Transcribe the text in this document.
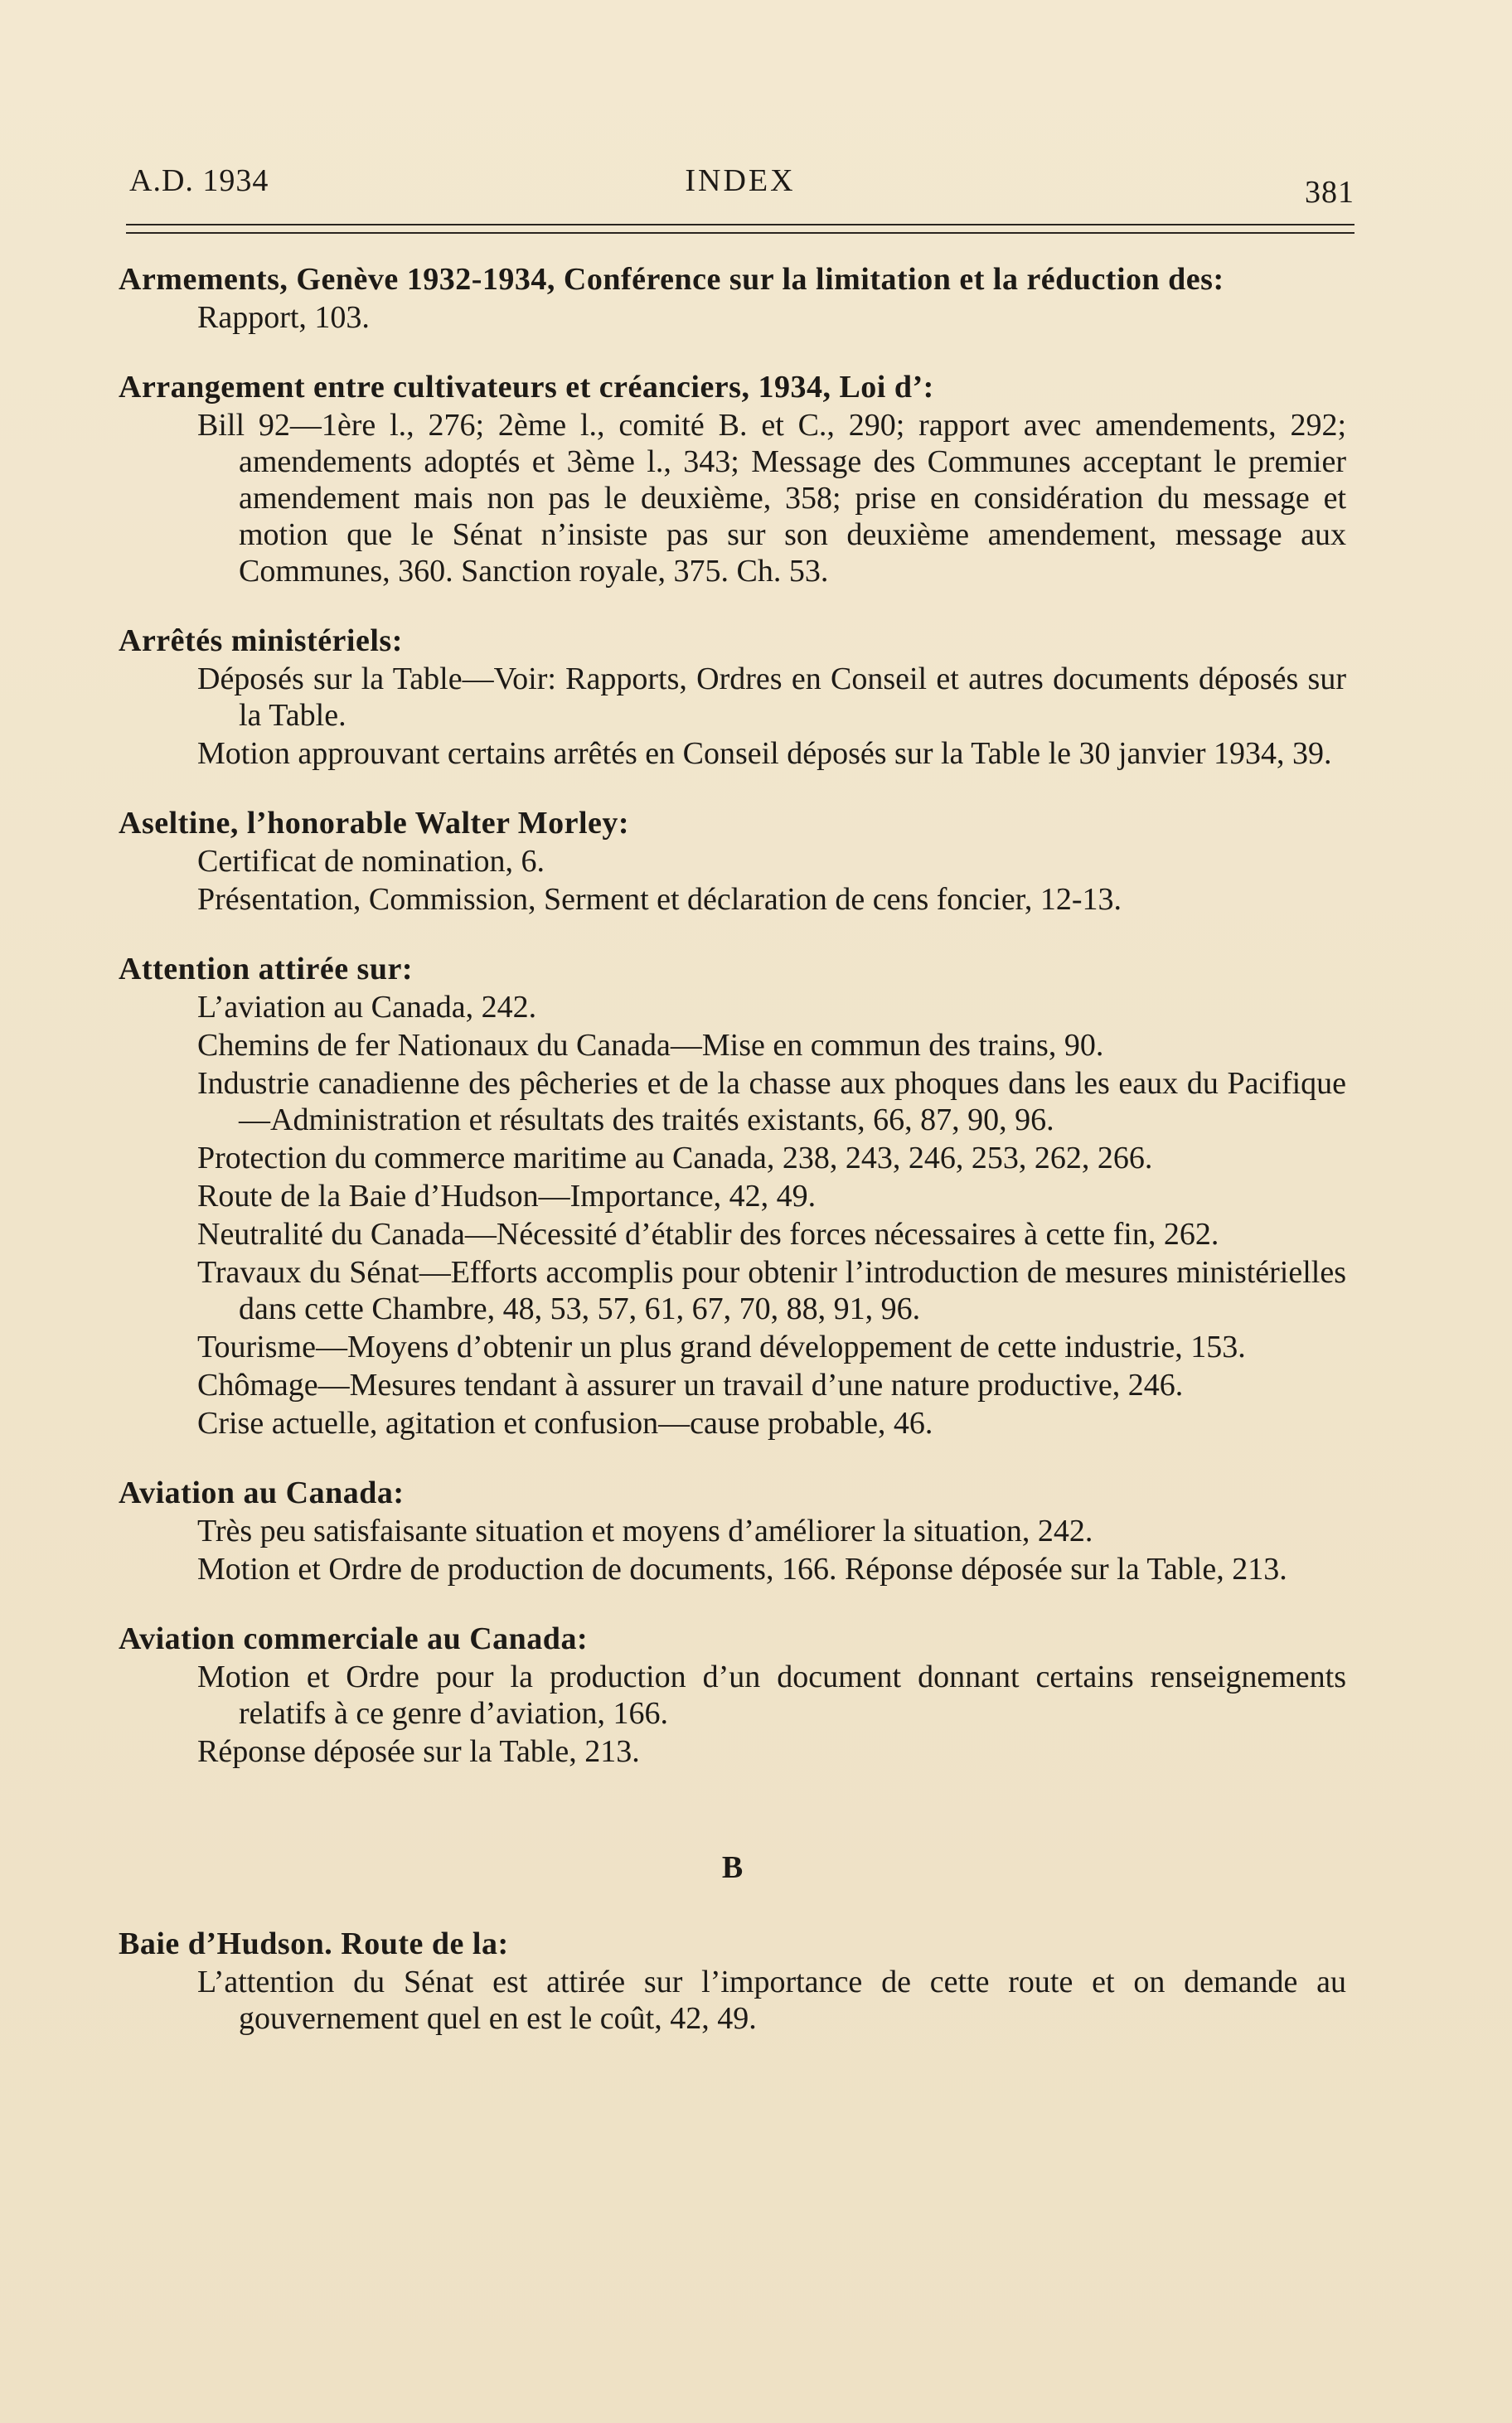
A.D. 1934	INDEX	381
Armements, Genève 1932-1934, Conférence sur la limitation et la réduction des:
Rapport, 103.
Arrangement entre cultivateurs et créanciers, 1934, Loi d’:
Bill 92—1ère l., 276; 2ème l., comité B. et C., 290; rapport avec amendements, 292; amendements adoptés et 3ème l., 343; Message des Communes acceptant le premier amendement mais non pas le deuxième, 358; prise en considération du message et motion que le Sénat n’insiste pas sur son deuxième amendement, message aux Communes, 360. Sanction royale, 375. Ch. 53.
Arrêtés ministériels:
Déposés sur la Table—Voir: Rapports, Ordres en Conseil et autres documents déposés sur la Table.
Motion approuvant certains arrêtés en Conseil déposés sur la Table le 30 janvier 1934, 39.
Aseltine, l’honorable Walter Morley:
Certificat de nomination, 6.
Présentation, Commission, Serment et déclaration de cens foncier, 12-13.
Attention attirée sur:
L’aviation au Canada, 242.
Chemins de fer Nationaux du Canada—Mise en commun des trains, 90.
Industrie canadienne des pêcheries et de la chasse aux phoques dans les eaux du Pacifique—Administration et résultats des traités existants, 66, 87, 90, 96.
Protection du commerce maritime au Canada, 238, 243, 246, 253, 262, 266.
Route de la Baie d’Hudson—Importance, 42, 49.
Neutralité du Canada—Nécessité d’établir des forces nécessaires à cette fin, 262.
Travaux du Sénat—Efforts accomplis pour obtenir l’introduction de mesures ministérielles dans cette Chambre, 48, 53, 57, 61, 67, 70, 88, 91, 96.
Tourisme—Moyens d’obtenir un plus grand développement de cette industrie, 153.
Chômage—Mesures tendant à assurer un travail d’une nature productive, 246.
Crise actuelle, agitation et confusion—cause probable, 46.
Aviation au Canada:
Très peu satisfaisante situation et moyens d’améliorer la situation, 242.
Motion et Ordre de production de documents, 166. Réponse déposée sur la Table, 213.
Aviation commerciale au Canada:
Motion et Ordre pour la production d’un document donnant certains renseignements relatifs à ce genre d’aviation, 166.
Réponse déposée sur la Table, 213.
B
Baie d’Hudson. Route de la:
L’attention du Sénat est attirée sur l’importance de cette route et on demande au gouvernement quel en est le coût, 42, 49.
